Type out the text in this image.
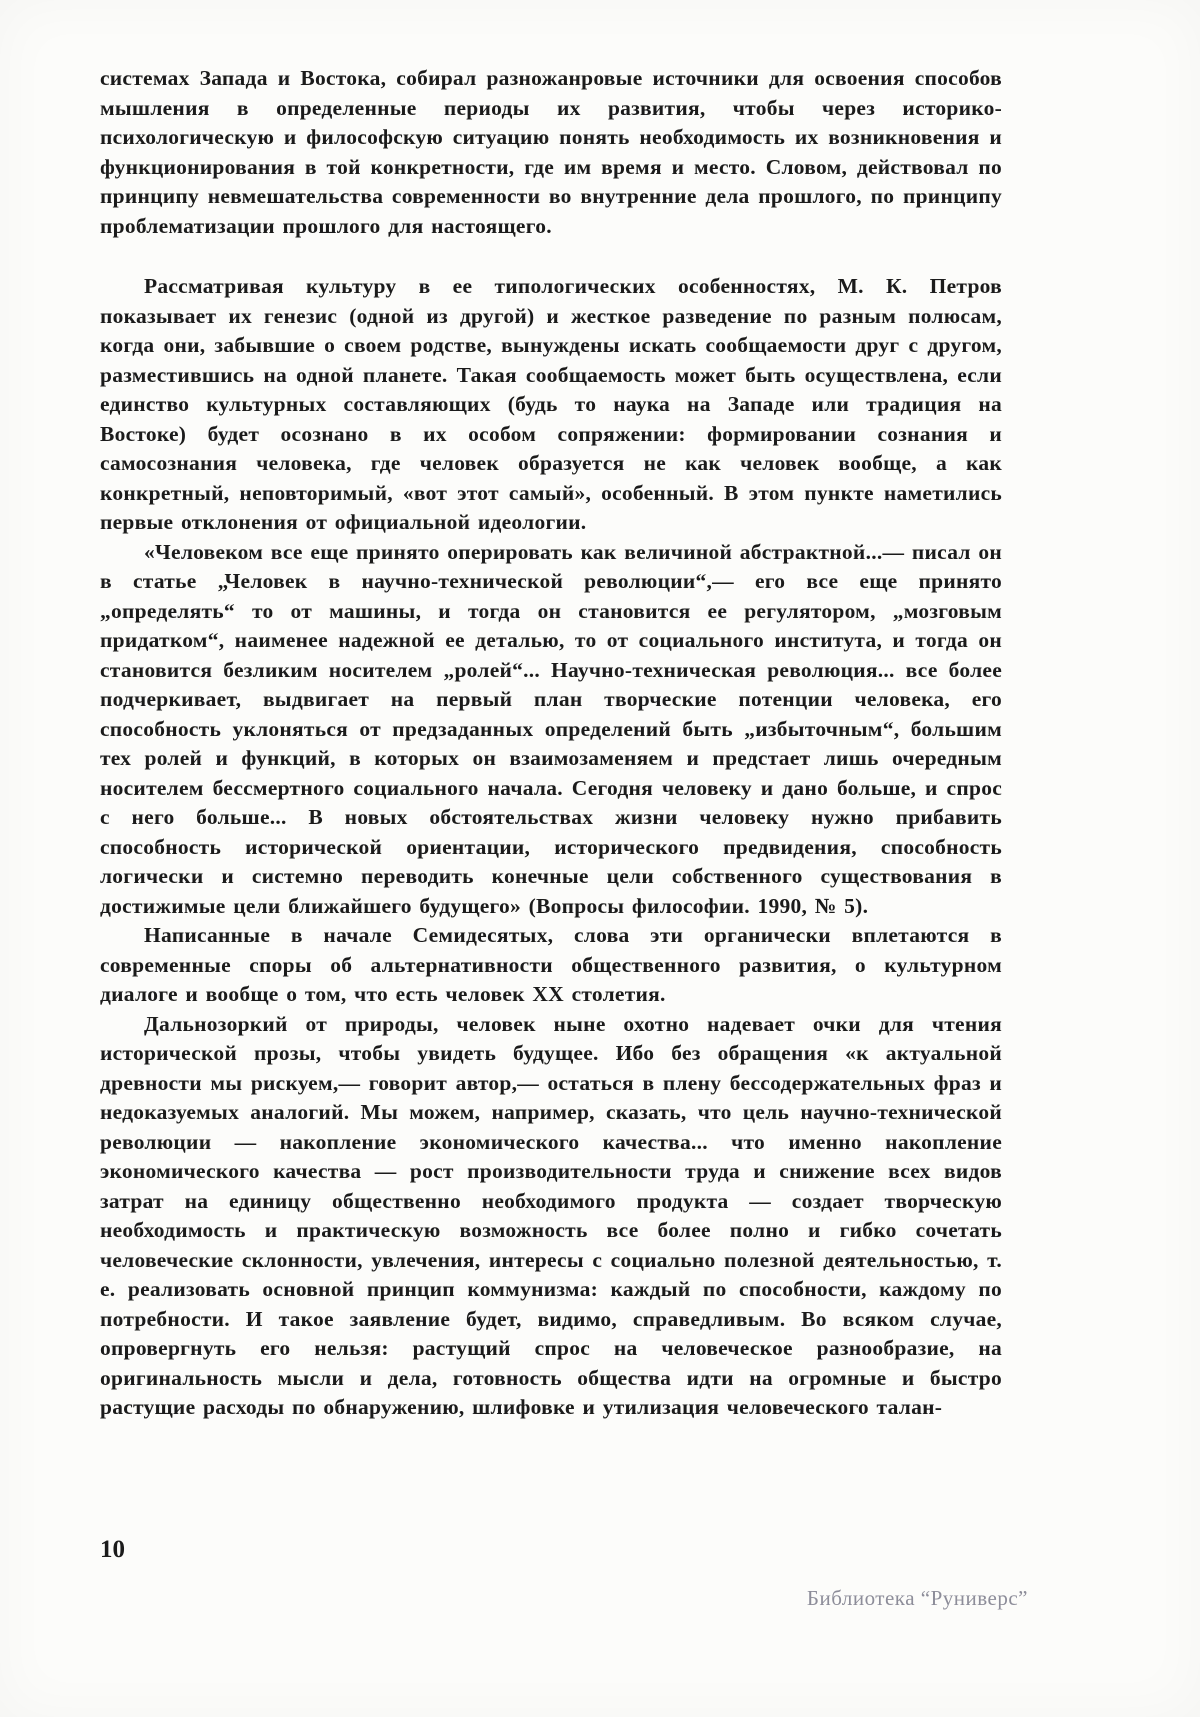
системах Запада и Востока, собирал разножанровые источники для освоения способов мышления в определенные периоды их развития, чтобы через историко-психологическую и философскую ситуацию понять необходимость их возникновения и функционирования в той конкретности, где им время и место. Словом, действовал по принципу невмешательства современности во внутренние дела прошлого, по принципу проблематизации прошлого для настоящего.

Рассматривая культуру в ее типологических особенностях, М. К. Петров показывает их генезис (одной из другой) и жесткое разведение по разным полюсам, когда они, забывшие о своем родстве, вынуждены искать сообщаемости друг с другом, разместившись на одной планете. Такая сообщаемость может быть осуществлена, если единство культурных составляющих (будь то наука на Западе или традиция на Востоке) будет осознано в их особом сопряжении: формировании сознания и самосознания человека, где человек образуется не как человек вообще, а как конкретный, неповторимый, «вот этот самый», особенный. В этом пункте наметились первые отклонения от официальной идеологии.

«Человеком все еще принято оперировать как величиной абстрактной...— писал он в статье „Человек в научно-технической революции“,— его все еще принято „определять“ то от машины, и тогда он становится ее регулятором, „мозговым придатком“, наименее надежной ее деталью, то от социального института, и тогда он становится безликим носителем „ролей“... Научно-техническая революция... все более подчеркивает, выдвигает на первый план творческие потенции человека, его способность уклоняться от предзаданных определений быть „избыточным“, большим тех ролей и функций, в которых он взаимозаменяем и предстает лишь очередным носителем бессмертного социального начала. Сегодня человеку и дано больше, и спрос с него больше... В новых обстоятельствах жизни человеку нужно прибавить способность исторической ориентации, исторического предвидения, способность логически и системно переводить конечные цели собственного существования в достижимые цели ближайшего будущего» (Вопросы философии. 1990, № 5).

Написанные в начале Семидесятых, слова эти органически вплетаются в современные споры об альтернативности общественного развития, о культурном диалоге и вообще о том, что есть человек XX столетия.

Дальнозоркий от природы, человек ныне охотно надевает очки для чтения исторической прозы, чтобы увидеть будущее. Ибо без обращения «к актуальной древности мы рискуем,— говорит автор,— остаться в плену бессодержательных фраз и недоказуемых аналогий. Мы можем, например, сказать, что цель научно-технической революции — накопление экономического качества... что именно накопление экономического качества — рост производительности труда и снижение всех видов затрат на единицу общественно необходимого продукта — создает творческую необходимость и практическую возможность все более полно и гибко сочетать человеческие склонности, увлечения, интересы с социально полезной деятельностью, т. е. реализовать основной принцип коммунизма: каждый по способности, каждому по потребности. И такое заявление будет, видимо, справедливым. Во всяком случае, опровергнуть его нельзя: растущий спрос на человеческое разнообразие, на оригинальность мысли и дела, готовность общества идти на огромные и быстро растущие расходы по обнаружению, шлифовке и утилизация человеческого талан-

10
Библиотека “Руниверс”
